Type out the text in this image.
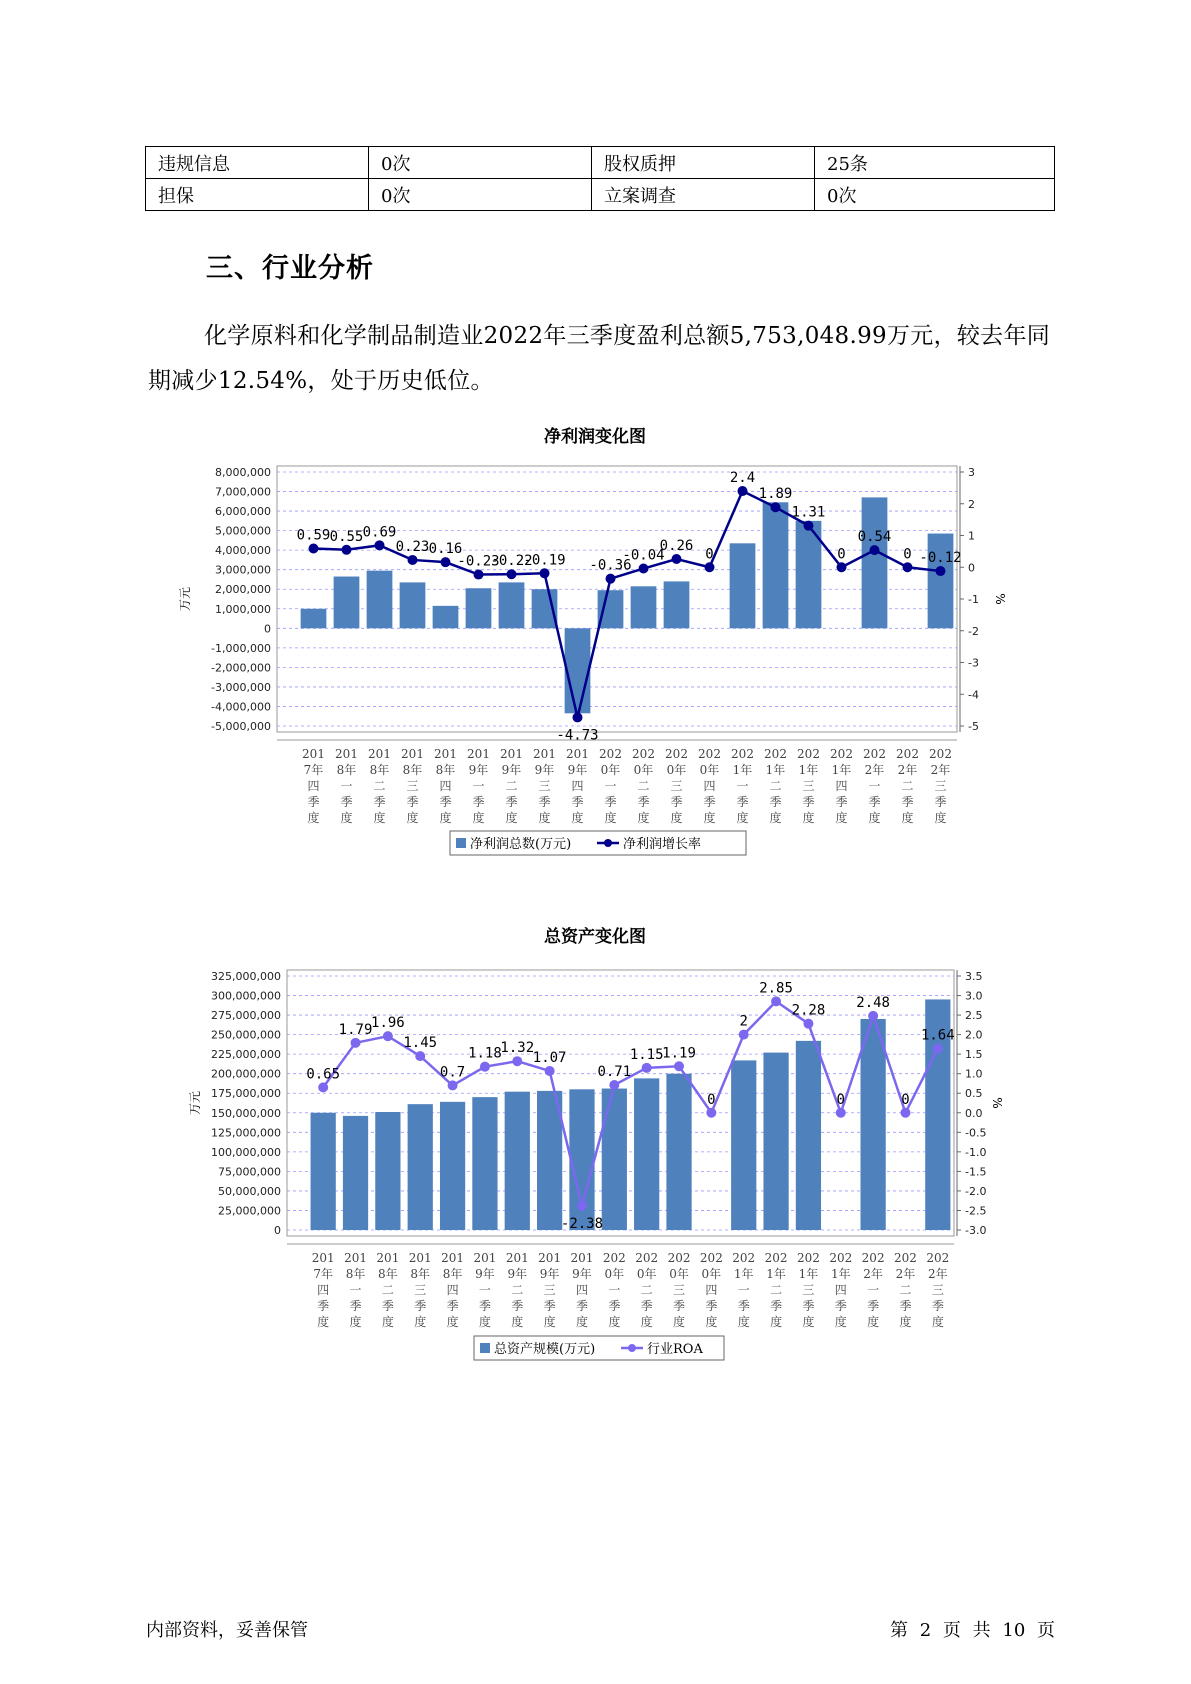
违规信息	0次	股权质押	25条
担保	0次	立案调查	0次
三、行业分析
化学原料和化学制品制造业2022年三季度盈利总额5,753,048.99万元，较去年同期减少12.54%，处于历史低位。
净利润变化图
8,000,000
7,000,000
6,000,000
5,000,000
4,000,000
3,000,000
2,000,000
1,000,000
0
-1,000,000
-2,000,000
-3,000,000
-4,000,000
-5,000,000
3
2
1
0
-1
-2
-3
-4
-5
万元	%
0.59 0.55 0.69
0.23 0.16
-0.23
-0.22
-0.19
-4.73
-0.36
-0.04
0.26
0
2.4
1.89
1.31
0
0.54
0 -0.12
201
7年
四
季
度
201
8年
一
季
度
201
8年
二
季
度
201
8年
三
季
度
201
8年
四
季
度
201
9年
一
季
度
201
9年
二
季
度
201
9年
三
季
度
201
9年
四
季
度
202
0年
一
季
度
202
0年
二
季
度
202
0年
三
季
度
202
0年
四
季
度
202
1年
一
季
度
202
1年
二
季
度
202
1年
三
季
度
202
1年
四
季
度
202
2年
一
季
度
202
2年
二
季
度
202
2年
三
季
度
净利润总数(万元)	净利润增长率
总资产变化图
325,000,000
300,000,000
275,000,000
250,000,000
225,000,000
200,000,000
175,000,000
150,000,000
125,000,000
100,000,000
75,000,000
50,000,000
25,000,000
0
3.5
3.0
2.5
2.0
1.5
1.0
0.5
0.0
-0.5
-1.0
-1.5
-2.0
-2.5
-3.0
万元	%
0.65
1.79
1.96
1.45
0.7
1.18
1.32
1.07
-2.38
0.71
1.15
1.19
0
2
2.85
2.28
0
2.48
0
1.64
201
7年
四
季
度
201
8年
一
季
度
201
8年
二
季
度
201
8年
三
季
度
201
8年
四
季
度
201
9年
一
季
度
201
9年
二
季
度
201
9年
三
季
度
201
9年
四
季
度
202
0年
一
季
度
202
0年
二
季
度
202
0年
三
季
度
202
0年
四
季
度
202
1年
一
季
度
202
1年
二
季
度
202
1年
三
季
度
202
1年
四
季
度
202
2年
一
季
度
202
2年
二
季
度
202
2年
三
季
度
总资产规模(万元)	行业ROA
内部资料，妥善保管	第 2 页 共 10 页
